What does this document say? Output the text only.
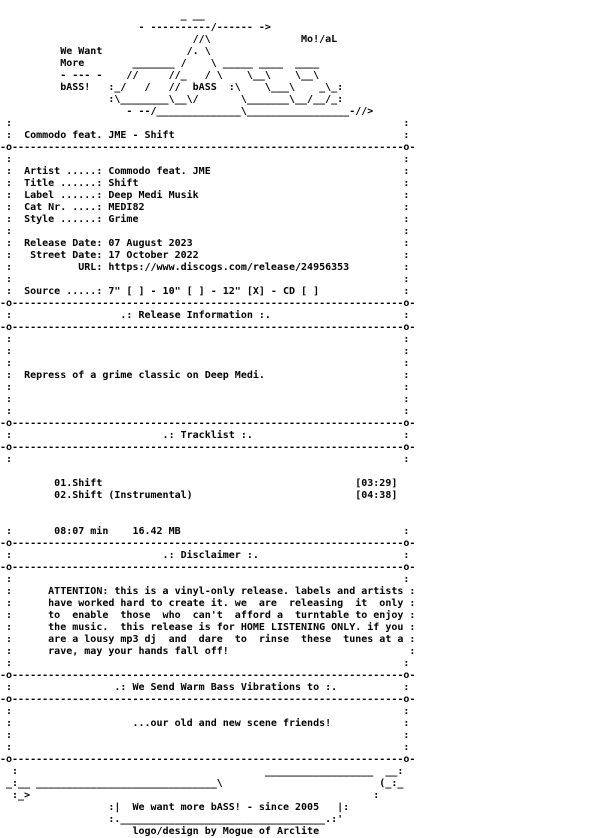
_ __
- ----------/------ ->
//\               Mo!/aL
We Want              /. \
More        _______ /    \ _____ ____  ____
- --- -    //     //_   / \    \__\    \__\
bASS!   :_/   /   //  bASS  :\    \___\    _\_:
:\________\__\/       \_______\__/__/_:
- --/______________\_________________-//>
:                                                                 :
:  Commodo feat. JME - Shift                                      :
-o-----------------------------------------------------------------o-
:                                                                 :
:  Artist .....: Commodo feat. JME                                :
:  Title ......: Shift                                            :
:  Label ......: Deep Medi Musik                                  :
:  Cat Nr. ....: MEDI82                                           :
:  Style ......: Grime                                            :
:                                                                 :
:  Release Date: 07 August 2023                                   :
:   Street Date: 17 October 2022                                  :
:           URL: https://www.discogs.com/release/24956353         :
:                                                                 :
:  Source .....: 7" [ ] - 10" [ ] - 12" [X] - CD [ ]              :
-o-----------------------------------------------------------------o-
:                  .: Release Information :.                      :
-o-----------------------------------------------------------------o-
:                                                                 :
:                                                                 :
:                                                                 :
:  Repress of a grime classic on Deep Medi.                       :
:                                                                 :
:                                                                 :
:                                                                 :
-o-----------------------------------------------------------------o-
:                         .: Tracklist :.                         :
-o-----------------------------------------------------------------o-
:                                                                 :
01.Shift                                          [03:29]
02.Shift (Instrumental)                           [04:38]
:       08:07 min    16.42 MB                                     :
-o-----------------------------------------------------------------o-
:                         .: Disclaimer :.                        :
-o-----------------------------------------------------------------o-
:                                                                 :
:      ATTENTION: this is a vinyl-only release. labels and artists :
:      have worked hard to create it. we  are  releasing  it  only :
:      to  enable  those  who  can't  afford a  turntable to enjoy :
:      the music.  this release is for HOME LISTENING ONLY. if you :
:      are a lousy mp3 dj  and  dare  to  rinse  these  tunes at a :
:      rave, may your hands fall off!                              :
:                                                                 :
-o-----------------------------------------------------------------o-
:                 .: We Send Warm Bass Vibrations to :.           :
-o-----------------------------------------------------------------o-
:                                                                 :
:                    ...our old and new scene friends!            :
:                                                                 :
:                                                                 :
-o-----------------------------------------------------------------o-
:                                         __________________  __:
_:__ ______________________________\                          (_:_
:_>                                                         :
:|  We want more bASS! - since 2005   |:
:.__________________________________.:'
logo/design by Mogue of Arclite
